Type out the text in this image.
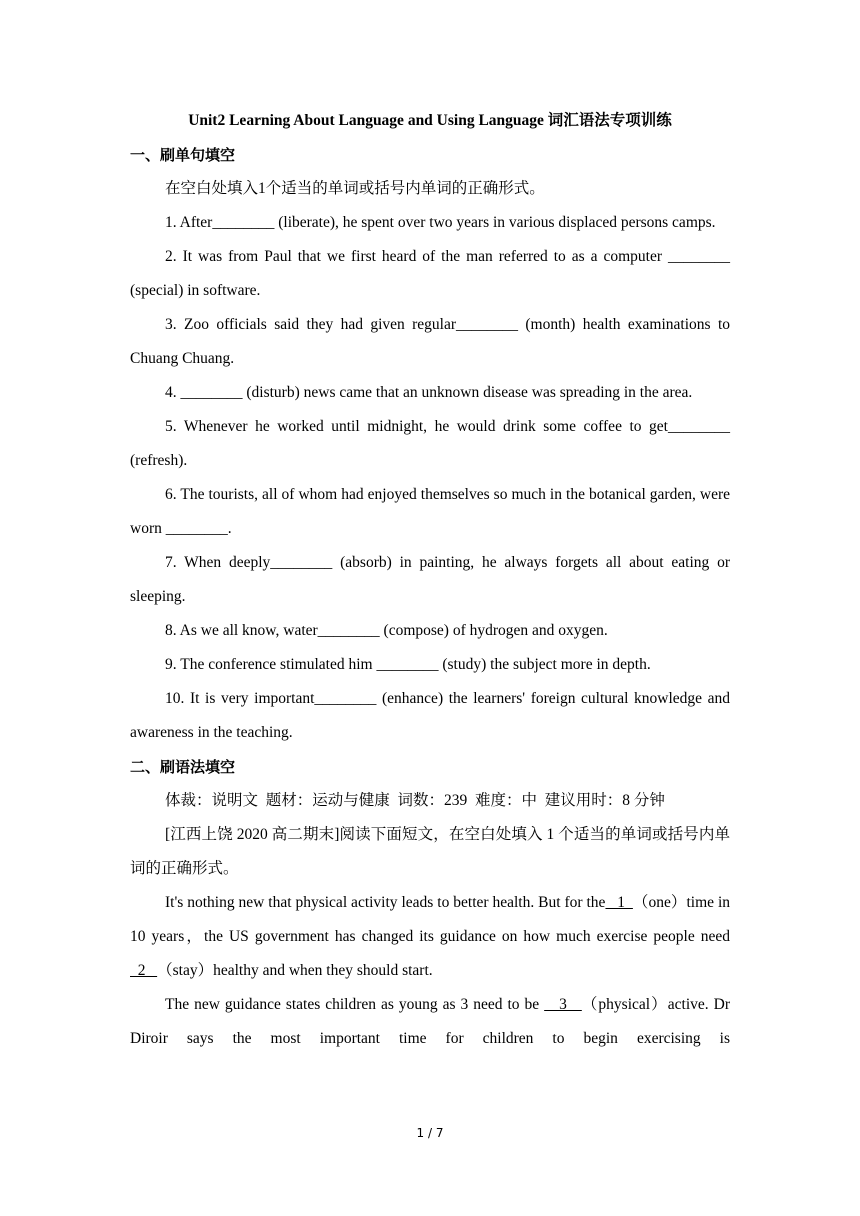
Unit2 Learning About Language and Using Language 词汇语法专项训练
一、刷单句填空

在空白处填入1个适当的单词或括号内单词的正确形式。

1. After________ (liberate), he spent over two years in various displaced persons camps.

2. It was from Paul that we first heard of the man referred to as a computer ________ (special) in software.

3. Zoo officials said they had given regular________ (month) health examinations to Chuang Chuang.

4. ________ (disturb) news came that an unknown disease was spreading in the area.

5. Whenever he worked until midnight, he would drink some coffee to get________ (refresh).

6. The tourists, all of whom had enjoyed themselves so much in the botanical garden, were worn ________.

7. When deeply________ (absorb) in painting, he always forgets all about eating or sleeping.

8. As we all know, water________ (compose) of hydrogen and oxygen.

9. The conference stimulated him ________ (study) the subject more in depth.

10. It is very important________ (enhance) the learners' foreign cultural knowledge and awareness in the teaching.

二、刷语法填空

体裁：说明文  题材：运动与健康  词数：239  难度：中  建议用时：8 分钟

[江西上饶 2020 高二期末]阅读下面短文，在空白处填入 1 个适当的单词或括号内单词的正确形式。

It's nothing new that physical activity leads to better health. But for the   1  （one）time in 10 years，the US government has changed its guidance on how much exercise people need   2   （stay）healthy and when they should start.

The new guidance states children as young as 3 need to be    3   （physical）active. Dr Diroir says the most important time for children to begin exercising is

1 / 7
